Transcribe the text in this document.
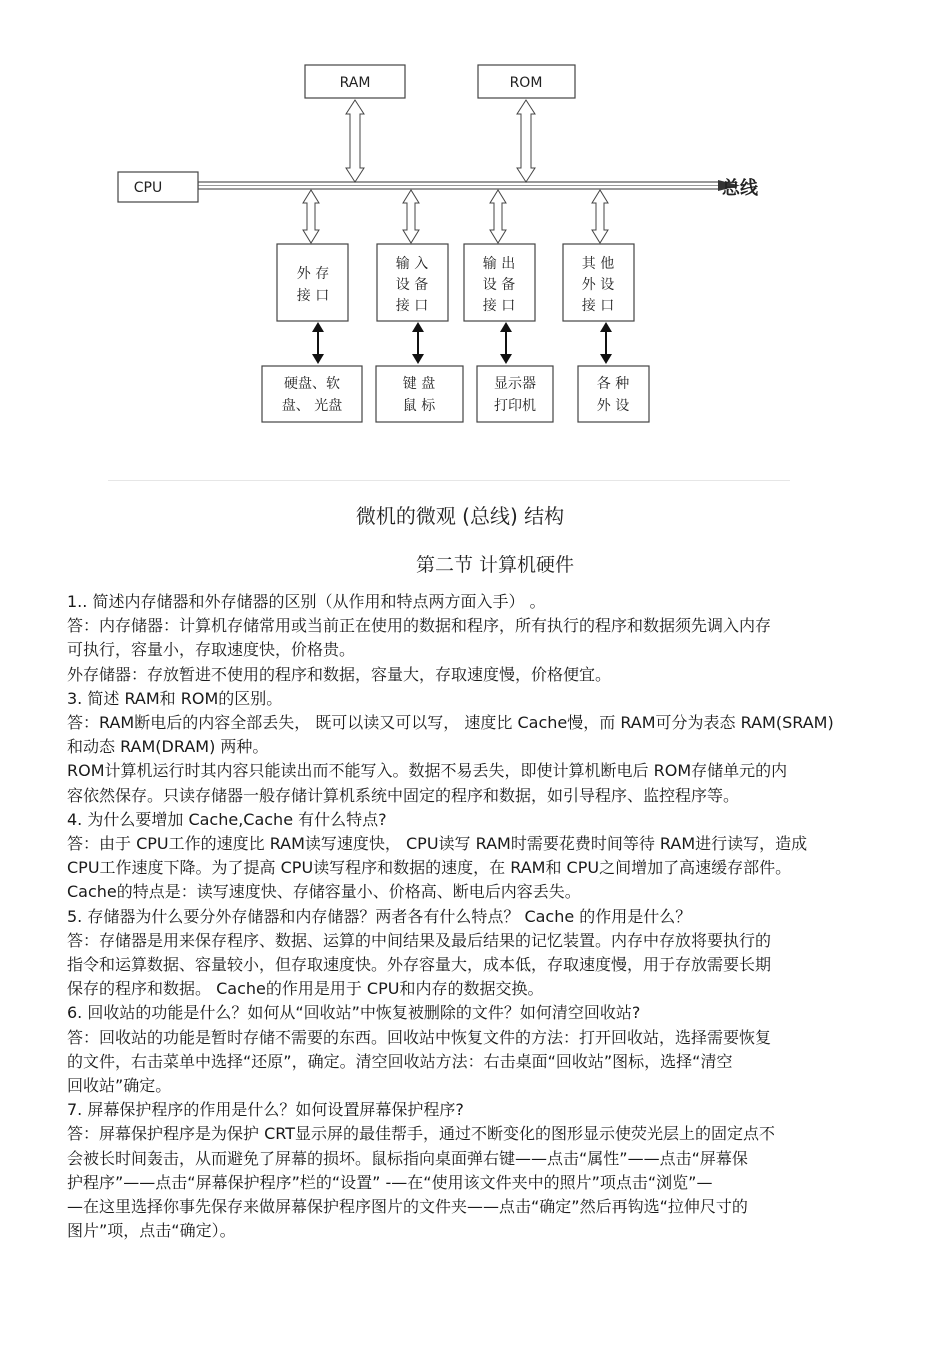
总线
RAM	ROM
CPU
外 存
接 口
输 入
设 备
接 口
输 出
设 备
接 口
其 他
外 设
接 口
硬盘、软
盘、 光盘
键 盘
鼠 标
显示器
打印机
各 种
外 设
微机的微观 (总线) 结构
第二节 计算机硬件

1.. 简述内存储器和外存储器的区别（从作用和特点两方面入手） 。

答：内存储器：计算机存储常用或当前正在使用的数据和程序，所有执行的程序和数据须先调入内存

可执行，容量小，存取速度快，价格贵。

外存储器：存放暂进不使用的程序和数据，容量大，存取速度慢，价格便宜。

3. 简述 RAM和 ROM的区别。

答：RAM断电后的内容全部丢失， 既可以读又可以写， 速度比 Cache慢，而 RAM可分为表态 RAM(SRAM)

和动态 RAM(DRAM) 两种。

ROM计算机运行时其内容只能读出而不能写入。数据不易丢失，即使计算机断电后 ROM存储单元的内

容依然保存。只读存储器一般存储计算机系统中固定的程序和数据，如引导程序、监控程序等。

4. 为什么要增加 Cache,Cache 有什么特点?

答：由于 CPU工作的速度比 RAM读写速度快， CPU读写 RAM时需要花费时间等待 RAM进行读写，造成

CPU工作速度下降。为了提高 CPU读写程序和数据的速度，在 RAM和 CPU之间增加了高速缓存部件。

Cache的特点是：读写速度快、存储容量小、价格高、断电后内容丢失。

5. 存储器为什么要分外存储器和内存储器？两者各有什么特点？ Cache 的作用是什么？

答：存储器是用来保存程序、数据、运算的中间结果及最后结果的记忆装置。内存中存放将要执行的

指令和运算数据、容量较小，但存取速度快。外存容量大，成本低，存取速度慢，用于存放需要长期

保存的程序和数据。 Cache的作用是用于 CPU和内存的数据交换。

6. 回收站的功能是什么？如何从“回收站”中恢复被删除的文件？如何清空回收站?

答：回收站的功能是暂时存储不需要的东西。回收站中恢复文件的方法：打开回收站，选择需要恢复

的文件，右击菜单中选择“还原”，确定。清空回收站方法：右击桌面“回收站”图标，选择“清空

回收站”确定。

7. 屏幕保护程序的作用是什么？如何设置屏幕保护程序?

答：屏幕保护程序是为保护 CRT显示屏的最佳帮手，通过不断变化的图形显示使荧光层上的固定点不

会被长时间轰击，从而避免了屏幕的损坏。鼠标指向桌面弹右键——点击“属性”——点击“屏幕保

护程序”——点击“屏幕保护程序”栏的“设置” -—在“使用该文件夹中的照片”项点击“浏览”—

—在这里选择你事先保存来做屏幕保护程序图片的文件夹——点击“确定”然后再钩选“拉伸尺寸的

图片”项，点击“确定）。
